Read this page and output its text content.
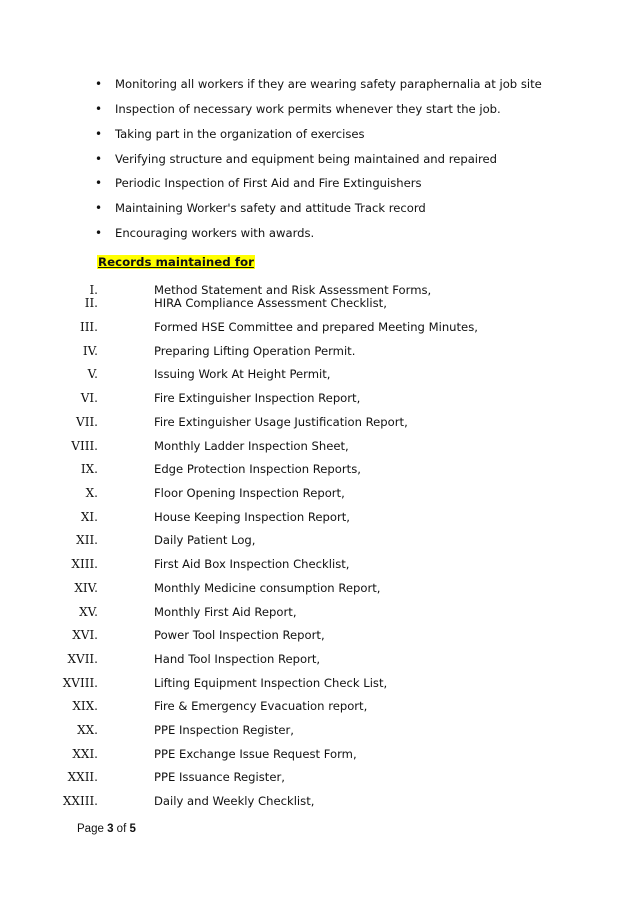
• Monitoring all workers if they are wearing safety paraphernalia at job site
• Inspection of necessary work permits whenever they start the job.
• Taking part in the organization of exercises
• Verifying structure and equipment being maintained and repaired
• Periodic Inspection of First Aid and Fire Extinguishers
• Maintaining Worker's safety and attitude Track record
• Encouraging workers with awards.
Records maintained for
I.	Method Statement and Risk Assessment Forms,
II.	HIRA Compliance Assessment Checklist,
III.	Formed HSE Committee and prepared Meeting Minutes,
IV.	Preparing Lifting Operation Permit.
V.	Issuing Work At Height Permit,
VI.	Fire Extinguisher Inspection Report,
VII.	Fire Extinguisher Usage Justification Report,
VIII.	Monthly Ladder Inspection Sheet,
IX.	Edge Protection Inspection Reports,
X.	Floor Opening Inspection Report,
XI.	House Keeping Inspection Report,
XII.	Daily Patient Log,
XIII.	First Aid Box Inspection Checklist,
XIV.	Monthly Medicine consumption Report,
XV.	Monthly First Aid Report,
XVI.	Power Tool Inspection Report,
XVII.	Hand Tool Inspection Report,
XVIII.	Lifting Equipment Inspection Check List,
XIX.	Fire & Emergency Evacuation report,
XX.	PPE Inspection Register,
XXI.	PPE Exchange Issue Request Form,
XXII.	PPE Issuance Register,
XXIII.	Daily and Weekly Checklist,
Page 3 of 5
